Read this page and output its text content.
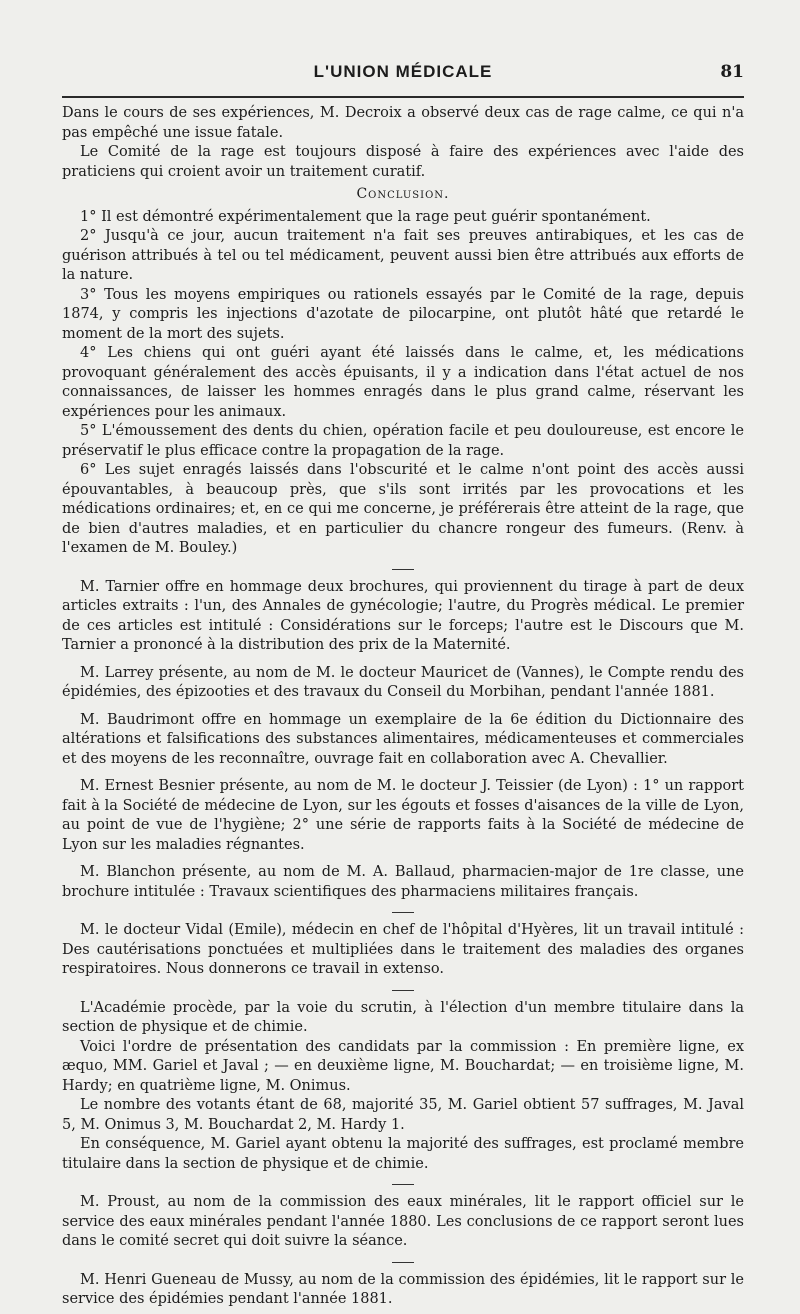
L'UNION MÉDICALE	81

Dans le cours de ses expériences, M. Decroix a observé deux cas de rage calme, ce qui n'a pas empêché une issue fatale.

Le Comité de la rage est toujours disposé à faire des expériences avec l'aide des praticiens qui croient avoir un traitement curatif.

Conclusion.

1° Il est démontré expérimentalement que la rage peut guérir spontanément.

2° Jusqu'à ce jour, aucun traitement n'a fait ses preuves antirabiques, et les cas de guérison attribués à tel ou tel médicament, peuvent aussi bien être attribués aux efforts de la nature.

3° Tous les moyens empiriques ou rationels essayés par le Comité de la rage, depuis 1874, y compris les injections d'azotate de pilocarpine, ont plutôt hâté que retardé le moment de la mort des sujets.

4° Les chiens qui ont guéri ayant été laissés dans le calme, et, les médications provoquant généralement des accès épuisants, il y a indication dans l'état actuel de nos connaissances, de laisser les hommes enragés dans le plus grand calme, réservant les expériences pour les animaux.

5° L'émoussement des dents du chien, opération facile et peu douloureuse, est encore le préservatif le plus efficace contre la propagation de la rage.

6° Les sujet enragés laissés dans l'obscurité et le calme n'ont point des accès aussi épouvantables, à beaucoup près, que s'ils sont irrités par les provocations et les médications ordinaires; et, en ce qui me concerne, je préférerais être atteint de la rage, que de bien d'autres maladies, et en particulier du chancre rongeur des fumeurs. (Renv. à l'examen de M. Bouley.)

M. Tarnier offre en hommage deux brochures, qui proviennent du tirage à part de deux articles extraits : l'un, des Annales de gynécologie; l'autre, du Progrès médical. Le premier de ces articles est intitulé : Considérations sur le forceps; l'autre est le Discours que M. Tarnier a prononcé à la distribution des prix de la Maternité.

M. Larrey présente, au nom de M. le docteur Mauricet de (Vannes), le Compte rendu des épidémies, des épizooties et des travaux du Conseil du Morbihan, pendant l'année 1881.

M. Baudrimont offre en hommage un exemplaire de la 6e édition du Dictionnaire des altérations et falsifications des substances alimentaires, médicamenteuses et commerciales et des moyens de les reconnaître, ouvrage fait en collaboration avec A. Chevallier.

M. Ernest Besnier présente, au nom de M. le docteur J. Teissier (de Lyon) : 1° un rapport fait à la Société de médecine de Lyon, sur les égouts et fosses d'aisances de la ville de Lyon, au point de vue de l'hygiène; 2° une série de rapports faits à la Société de médecine de Lyon sur les maladies régnantes.

M. Blanchon présente, au nom de M. A. Ballaud, pharmacien-major de 1re classe, une brochure intitulée : Travaux scientifiques des pharmaciens militaires français.

M. le docteur Vidal (Emile), médecin en chef de l'hôpital d'Hyères, lit un travail intitulé : Des cautérisations ponctuées et multipliées dans le traitement des maladies des organes respiratoires. Nous donnerons ce travail in extenso.

L'Académie procède, par la voie du scrutin, à l'élection d'un membre titulaire dans la section de physique et de chimie.

Voici l'ordre de présentation des candidats par la commission : En première ligne, ex æquo, MM. Gariel et Javal ; — en deuxième ligne, M. Bouchardat; — en troisième ligne, M. Hardy; en quatrième ligne, M. Onimus.

Le nombre des votants étant de 68, majorité 35, M. Gariel obtient 57 suffrages, M. Javal 5, M. Onimus 3, M. Bouchardat 2, M. Hardy 1.

En conséquence, M. Gariel ayant obtenu la majorité des suffrages, est proclamé membre titulaire dans la section de physique et de chimie.

M. Proust, au nom de la commission des eaux minérales, lit le rapport officiel sur le service des eaux minérales pendant l'année 1880. Les conclusions de ce rapport seront lues dans le comité secret qui doit suivre la séance.

M. Henri Gueneau de Mussy, au nom de la commission des épidémies, lit le rapport sur le service des épidémies pendant l'année 1881.
